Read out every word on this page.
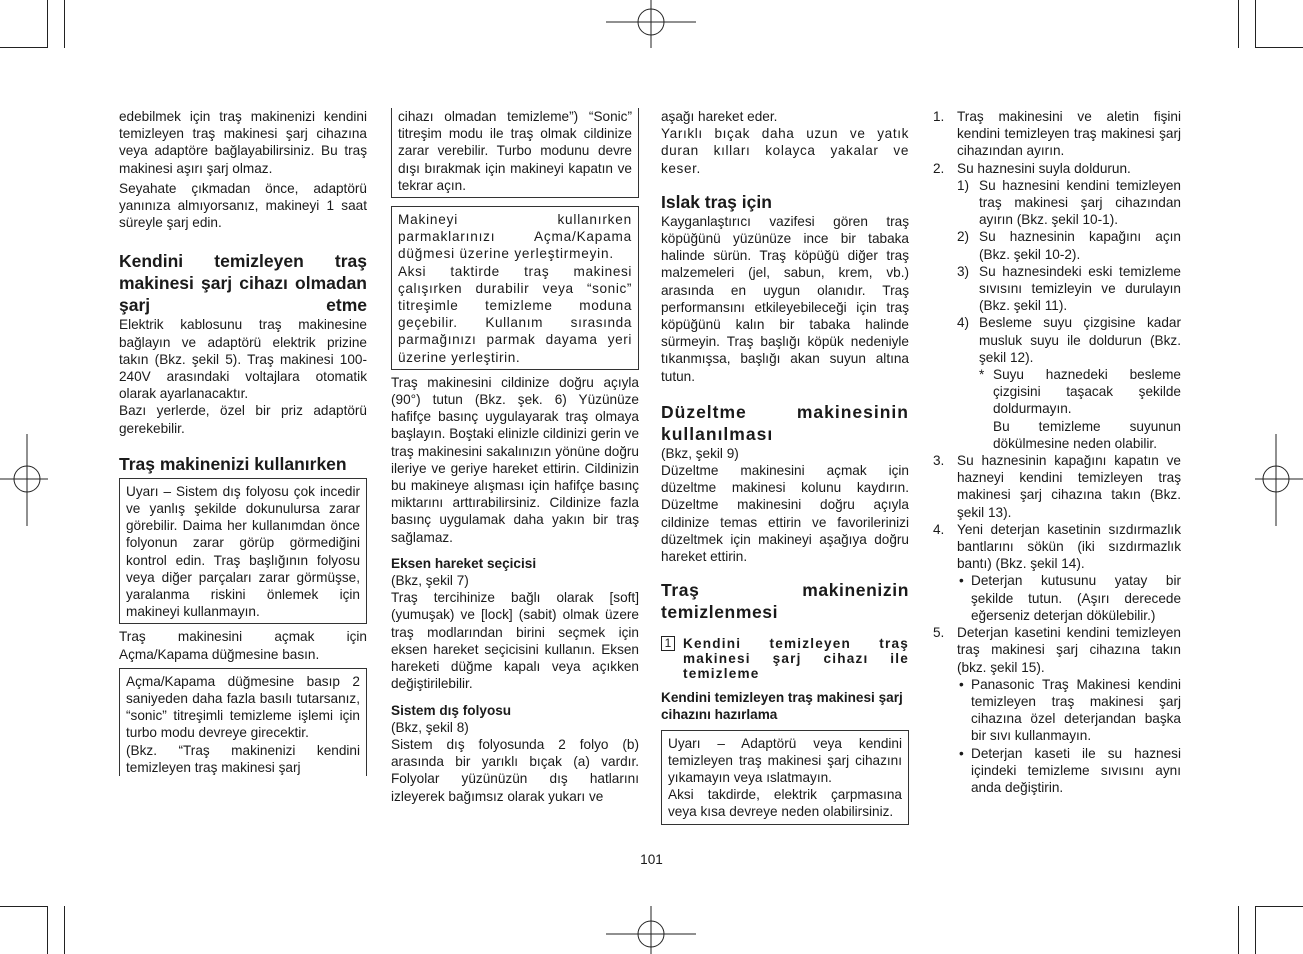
edebilmek için traş makinenizi kendini temizleyen traş makinesi şarj cihazına veya adaptöre bağlayabilirsiniz. Bu traş makinesi aşırı şarj olmaz.

Seyahate çıkmadan önce, adaptörü yanınıza almıyorsanız, makineyi 1 saat süreyle şarj edin.

Kendini temizleyen traş makinesi şarj cihazı olmadan şarj etme

Elektrik kablosunu traş makinesine bağlayın ve adaptörü elektrik prizine takın (Bkz. şekil 5). Traş makinesi 100-240V arasındaki voltajlara otomatik olarak ayarlanacaktır.

Bazı yerlerde, özel bir priz adaptörü gerekebilir.

Traş makinenizi kullanırken

Uyarı – Sistem dış folyosu çok incedir ve yanlış şekilde dokunulursa zarar görebilir. Daima her kullanımdan önce folyonun zarar görüp görmediğini kontrol edin. Traş başlığının folyosu veya diğer parçaları zarar görmüşse, yaralanma riskini önlemek için makineyi kullanmayın.

Traş makinesini açmak için Açma/Kapama düğmesine basın.

Açma/Kapama düğmesine basıp 2 saniyeden daha fazla basılı tutarsanız, “sonic” titreşimli temizleme işlemi için turbo modu devreye girecektir.

(Bkz. “Traş makinenizi kendini temizleyen traş makinesi şarj

cihazı olmadan temizleme”) “Sonic” titreşim modu ile traş olmak cildinize zarar verebilir. Turbo modunu devre dışı bırakmak için makineyi kapatın ve tekrar açın.

Makineyi kullanırken parmaklarınızı Açma/Kapama düğmesi üzerine yerleştirmeyin.

Aksi taktirde traş makinesi çalışırken durabilir veya “sonic” titreşimle temizleme moduna geçebilir. Kullanım sırasında parmağınızı parmak dayama yeri üzerine yerleştirin.

Traş makinesini cildinize doğru açıyla (90°) tutun (Bkz. şek. 6) Yüzünüze hafifçe basınç uygulayarak traş olmaya başlayın. Boştaki elinizle cildinizi gerin ve traş makinesini sakalınızın yönüne doğru ileriye ve geriye hareket ettirin. Cildinizin bu makineye alışması için hafifçe basınç miktarını arttırabilirsiniz. Cildinize fazla basınç uygulamak daha yakın bir traş sağlamaz.

Eksen hareket seçicisi

(Bkz, şekil 7)

Traş tercihinize bağlı olarak [soft] (yumuşak) ve [lock] (sabit) olmak üzere traş modlarından birini seçmek için eksen hareket seçicisini kullanın. Eksen hareketi düğme kapalı veya açıkken değiştirilebilir.

Sistem dış folyosu

(Bkz, şekil 8)

Sistem dış folyosunda 2 folyo (b) arasında bir yarıklı bıçak (a) vardır. Folyolar yüzünüzün dış hatlarını izleyerek bağımsız olarak yukarı ve

aşağı hareket eder.

Yarıklı bıçak daha uzun ve yatık duran kılları kolayca yakalar ve keser.

Islak traş için

Kayganlaştırıcı vazifesi gören traş köpüğünü yüzünüze ince bir tabaka halinde sürün. Traş köpüğü diğer traş malzemeleri (jel, sabun, krem, vb.) arasında en uygun olanıdır. Traş performansını etkileyebileceği için traş köpüğünü kalın bir tabaka halinde sürmeyin. Traş başlığı köpük nedeniyle tıkanmışsa, başlığı akan suyun altına tutun.

Düzeltme makinesinin kullanılması

(Bkz, şekil 9)

Düzeltme makinesini açmak için düzeltme makinesi kolunu kaydırın. Düzeltme makinesini doğru açıyla cildinize temas ettirin ve favorilerinizi düzeltmek için makineyi aşağıya doğru hareket ettirin.

Traş makinenizin temizlenmesi
1 Kendini temizleyen traş makinesi şarj cihazı ile temizleme
Kendini temizleyen traş makinesi şarj cihazını hazırlama

Uyarı – Adaptörü veya kendini temizleyen traş makinesi şarj cihazını yıkamayın veya ıslatmayın.

Aksi takdirde, elektrik çarpmasına veya kısa devreye neden olabilirsiniz.

1. Traş makinesini ve aletin fişini kendini temizleyen traş makinesi şarj cihazından ayırın.
2. Su haznesini suyla doldurun.
1) Su haznesini kendini temizleyen traş makinesi şarj cihazından ayırın (Bkz. şekil 10-1).
2) Su haznesinin kapağını açın (Bkz. şekil 10-2).
3) Su haznesindeki eski temizleme sıvısını temizleyin ve durulayın (Bkz. şekil 11).
4) Besleme suyu çizgisine kadar musluk suyu ile doldurun (Bkz. şekil 12).
* Suyu haznedeki besleme çizgisini taşacak şekilde doldurmayın.
Bu temizleme suyunun dökülmesine neden olabilir.
3. Su haznesinin kapağını kapatın ve hazneyi kendini temizleyen traş makinesi şarj cihazına takın (Bkz. şekil 13).
4. Yeni deterjan kasetinin sızdırmazlık bantlarını sökün (iki sızdırmazlık bantı) (Bkz. şekil 14).
• Deterjan kutusunu yatay bir şekilde tutun. (Aşırı derecede eğerseniz deterjan dökülebilir.)
5. Deterjan kasetini kendini temizleyen traş makinesi şarj cihazına takın (bkz. şekil 15).
• Panasonic Traş Makinesi kendini temizleyen traş makinesi şarj cihazına özel deterjandan başka bir sıvı kullanmayın.
• Deterjan kaseti ile su haznesi içindeki temizleme sıvısını aynı anda değiştirin.
101
